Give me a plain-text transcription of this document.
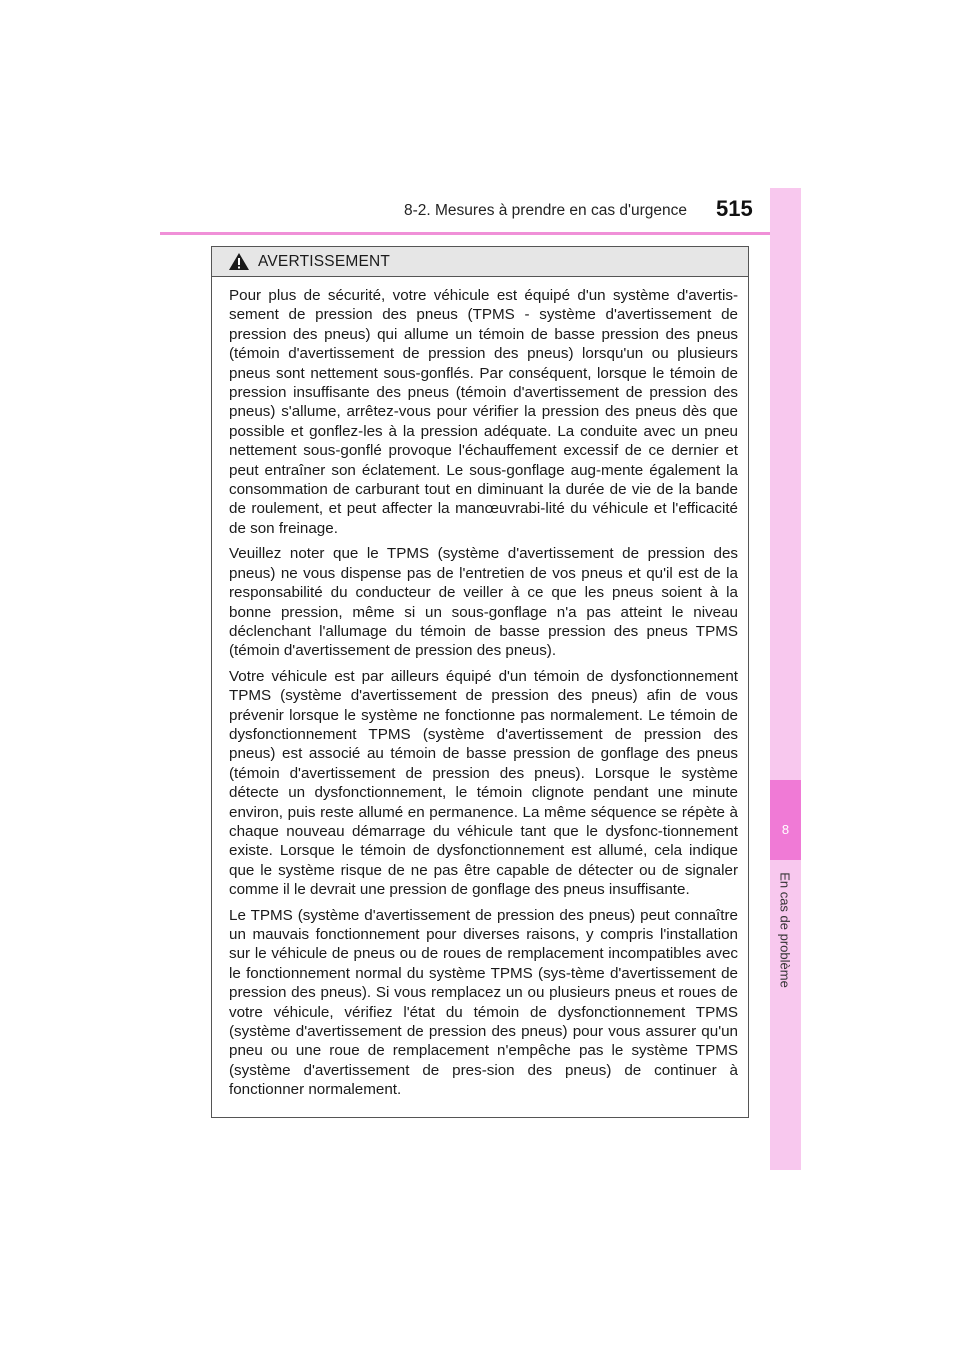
8-2. Mesures à prendre en cas d'urgence 515
8
En cas de problème
AVERTISSEMENT

Pour plus de sécurité, votre véhicule est équipé d'un système d'avertis-sement de pression des pneus (TPMS - système d'avertissement de pression des pneus) qui allume un témoin de basse pression des pneus (témoin d'avertissement de pression des pneus) lorsqu'un ou plusieurs pneus sont nettement sous-gonflés. Par conséquent, lorsque le témoin de pression insuffisante des pneus (témoin d'avertissement de pression des pneus) s'allume, arrêtez-vous pour vérifier la pression des pneus dès que possible et gonflez-les à la pression adéquate. La conduite avec un pneu nettement sous-gonflé provoque l'échauffement excessif de ce dernier et peut entraîner son éclatement. Le sous-gonflage aug-mente également la consommation de carburant tout en diminuant la durée de vie de la bande de roulement, et peut affecter la manœuvrabi-lité du véhicule et l'efficacité de son freinage.

Veuillez noter que le TPMS (système d'avertissement de pression des pneus) ne vous dispense pas de l'entretien de vos pneus et qu'il est de la responsabilité du conducteur de veiller à ce que les pneus soient à la bonne pression, même si un sous-gonflage n'a pas atteint le niveau déclenchant l'allumage du témoin de basse pression des pneus TPMS (témoin d'avertissement de pression des pneus).

Votre véhicule est par ailleurs équipé d'un témoin de dysfonctionnement TPMS (système d'avertissement de pression des pneus) afin de vous prévenir lorsque le système ne fonctionne pas normalement. Le témoin de dysfonctionnement TPMS (système d'avertissement de pression des pneus) est associé au témoin de basse pression de gonflage des pneus (témoin d'avertissement de pression des pneus). Lorsque le système détecte un dysfonctionnement, le témoin clignote pendant une minute environ, puis reste allumé en permanence. La même séquence se répète à chaque nouveau démarrage du véhicule tant que le dysfonc-tionnement existe. Lorsque le témoin de dysfonctionnement est allumé, cela indique que le système risque de ne pas être capable de détecter ou de signaler comme il le devrait une pression de gonflage des pneus insuffisante.

Le TPMS (système d'avertissement de pression des pneus) peut connaître un mauvais fonctionnement pour diverses raisons, y compris l'installation sur le véhicule de pneus ou de roues de remplacement incompatibles avec le fonctionnement normal du système TPMS (sys-tème d'avertissement de pression des pneus). Si vous remplacez un ou plusieurs pneus et roues de votre véhicule, vérifiez l'état du témoin de dysfonctionnement TPMS (système d'avertissement de pression des pneus) pour vous assurer qu'un pneu ou une roue de remplacement n'empêche pas le système TPMS (système d'avertissement de pres-sion des pneus) de continuer à fonctionner normalement.
